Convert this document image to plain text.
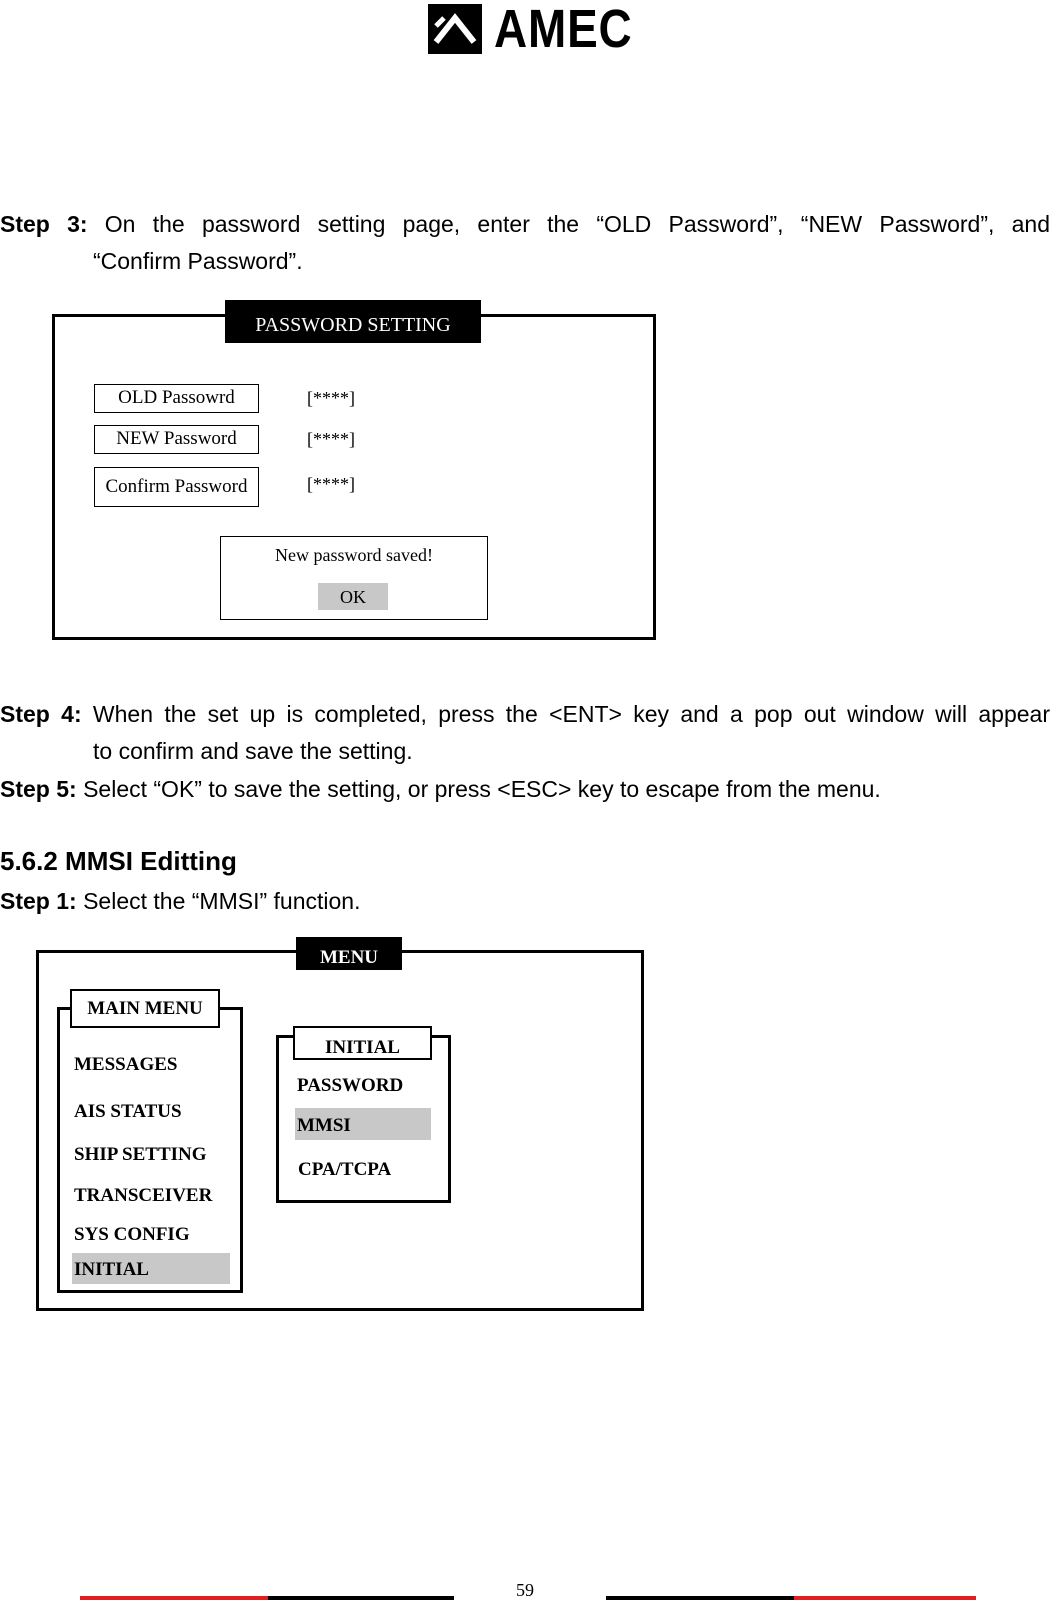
AMEC
Step 3: On the password setting page, enter the “OLD Password”, “NEW Password”, and
“Confirm Password”.
PASSWORD SETTING
OLD Passowrd	[****]
NEW Password	[****]
Confirm Password	[****]
New password saved!
OK
Step 4: When the set up is completed, press the <ENT> key and a pop out window will appear
to confirm and save the setting.
Step 5: Select “OK” to save the setting, or press <ESC> key to escape from the menu.
5.6.2 MMSI Editting
Step 1: Select the “MMSI” function.
MENU
MAIN MENU
MESSAGES
AIS STATUS
SHIP SETTING
TRANSCEIVER
SYS CONFIG
INITIAL
INITIAL
PASSWORD
MMSI
CPA/TCPA
59
